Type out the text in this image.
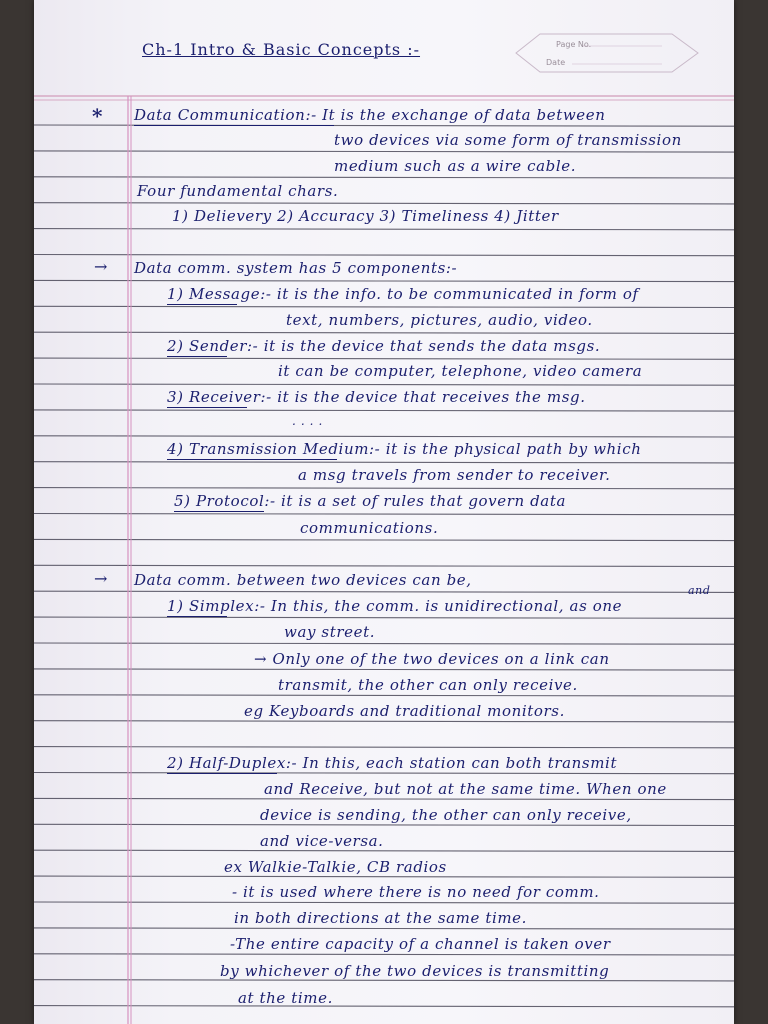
Page No.
Date
Ch-1 Intro & Basic Concepts :-
*
→
→
and
. . . .
Data Communication:- It is the exchange of data between
two devices via some form of transmission
medium such as a wire cable.
Four fundamental chars.
1) Delievery 2) Accuracy 3) Timeliness 4) Jitter
Data comm. system has 5 components:-
1) Message:- it is the info. to be communicated in form of
text, numbers, pictures, audio, video.
2) Sender:- it is the device that sends the data msgs.
it can be computer, telephone, video camera
3) Receiver:- it is the device that receives the msg.
4) Transmission Medium:- it is the physical path by which
a msg travels from sender to receiver.
5) Protocol:- it is a set of rules that govern data
communications.
Data comm. between two devices can be,
1) Simplex:- In this, the comm. is unidirectional, as one
way street.
→ Only one of the two devices on a link can
transmit, the other can only receive.
eg Keyboards and traditional monitors.
2) Half-Duplex:- In this, each station can both transmit
and Receive, but not at the same time. When one
device is sending, the other can only receive,
and vice-versa.
ex Walkie-Talkie, CB radios
- it is used where there is no need for comm.
in both directions at the same time.
-The entire capacity of a channel is taken over
by whichever of the two devices is transmitting
at the time.
